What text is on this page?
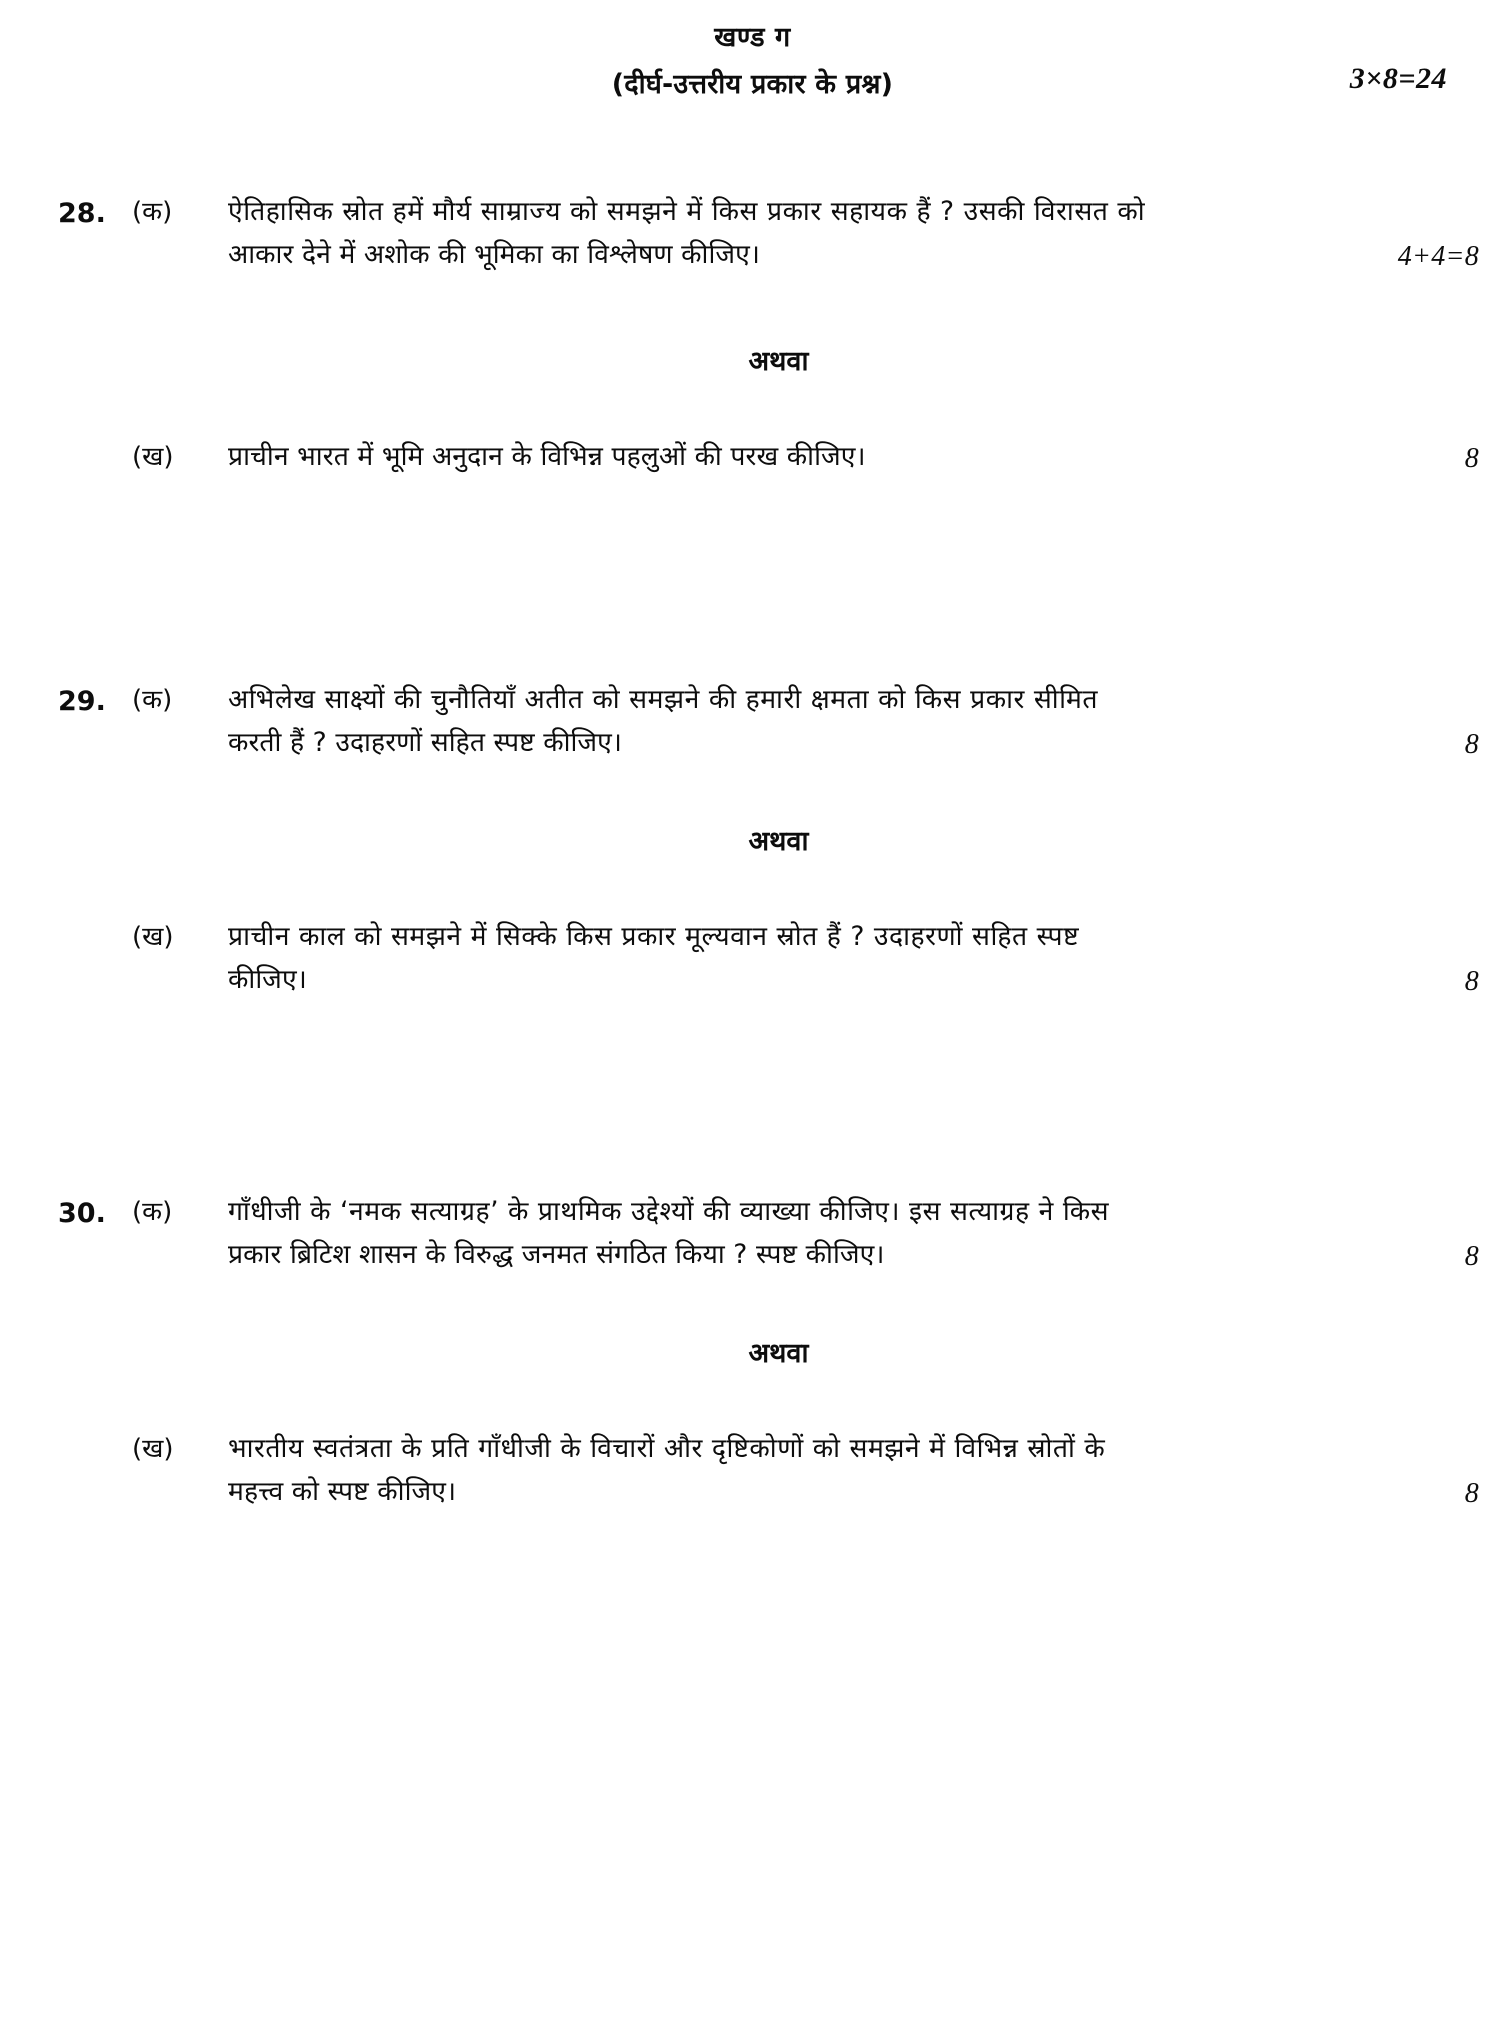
खण्ड ग
(दीर्घ-उत्तरीय प्रकार के प्रश्न)	3×8=24
28.	(क)	ऐतिहासिक स्रोत हमें मौर्य साम्राज्य को समझने में किस प्रकार सहायक हैं ? उसकी विरासत को
आकार देने में अशोक की भूमिका का विश्लेषण कीजिए।	4+4=8
अथवा
(ख)	प्राचीन भारत में भूमि अनुदान के विभिन्न पहलुओं की परख कीजिए।	8
29.	(क)	अभिलेख साक्ष्यों की चुनौतियाँ अतीत को समझने की हमारी क्षमता को किस प्रकार सीमित
करती हैं ? उदाहरणों सहित स्पष्ट कीजिए।	8
अथवा
(ख)	प्राचीन काल को समझने में सिक्के किस प्रकार मूल्यवान स्रोत हैं ? उदाहरणों सहित स्पष्ट
कीजिए।	8
30.	(क)	गाँधीजी के ‘नमक सत्याग्रह’ के प्राथमिक उद्देश्यों की व्याख्या कीजिए। इस सत्याग्रह ने किस
प्रकार ब्रिटिश शासन के विरुद्ध जनमत संगठित किया ? स्पष्ट कीजिए।	8
अथवा
(ख)	भारतीय स्वतंत्रता के प्रति गाँधीजी के विचारों और दृष्टिकोणों को समझने में विभिन्न स्रोतों के
महत्त्व को स्पष्ट कीजिए।	8
